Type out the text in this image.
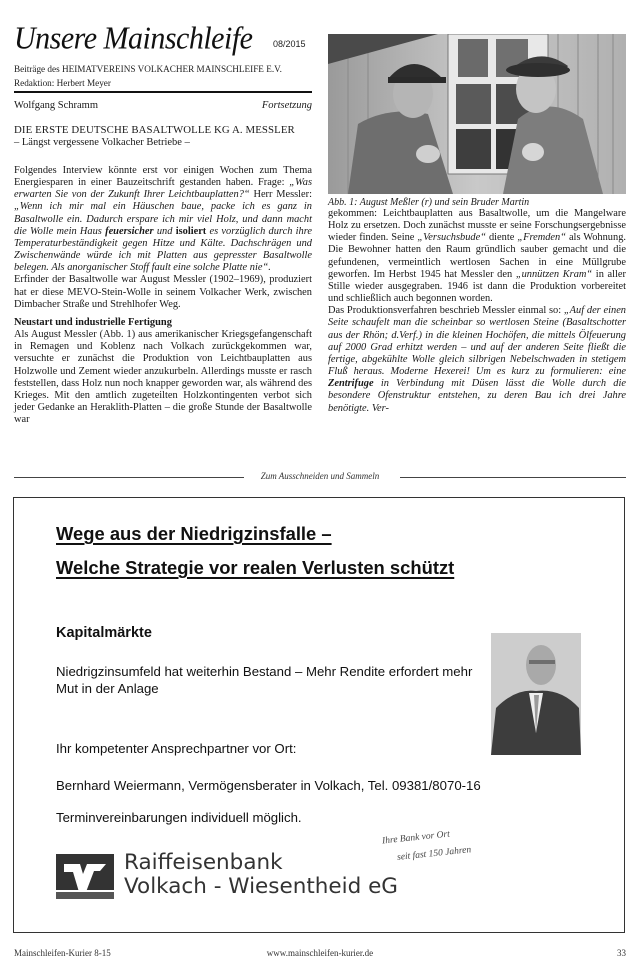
Unsere Mainschleife 08/2015
Beiträge des HEIMATVEREINS VOLKACHER MAINSCHLEIFE E.V.
Redaktion: Herbert Meyer
Wolfgang Schramm	Fortsetzung
DIE ERSTE DEUTSCHE BASALTWOLLE KG A. MESSLER
– Längst vergessene Volkacher Betriebe –

Folgendes Interview könnte erst vor einigen Wochen zum Thema Energiesparen in einer Bauzeitschrift gestanden haben. Frage: „Was erwarten Sie von der Zukunft Ihrer Leichtbauplatten?“ Herr Messler: „Wenn ich mir mal ein Häuschen baue, packe ich es ganz in Basaltwolle ein. Dadurch erspare ich mir viel Holz, und dann macht die Wolle mein Haus feuersicher und isoliert es vorzüglich durch ihre Temperaturbeständigkeit gegen Hitze und Kälte. Dachschrägen und Zwischenwände würde ich mit Platten aus gepresster Basaltwolle belegen. Als anorganischer Stoff fault eine solche Platte nie“.

Erfinder der Basaltwolle war August Messler (1902–1969), produziert hat er diese MEVO-Stein-Wolle in seinem Volkacher Werk, zwischen Dimbacher Straße und Strehlhofer Weg.

Neustart und industrielle Fertigung

Als August Messler (Abb. 1) aus amerikanischer Kriegsgefangenschaft in Remagen und Koblenz nach Volkach zurückgekommen war, versuchte er zunächst die Produktion von Leichtbauplatten aus Holzwolle und Zement wieder anzukurbeln. Allerdings musste er rasch feststellen, dass Holz nun noch knapper geworden war, als während des Krieges. Mit den amtlich zugeteilten Holzkontingenten verbot sich jeder Gedanke an Heraklith-Platten – die große Stunde der Basaltwolle war

Abb. 1: August Meßler (r) und sein Bruder Martin

gekommen: Leichtbauplatten aus Basaltwolle, um die Mangelware Holz zu ersetzen. Doch zunächst musste er seine Forschungsergebnisse wieder finden. Seine „Versuchsbude“ diente „Fremden“ als Wohnung. Die Bewohner hatten den Raum gründlich sauber gemacht und die gefundenen, vermeintlich wertlosen Sachen in eine Müllgrube geworfen. Im Herbst 1945 hat Messler den „unnützen Kram“ in aller Stille wieder ausgegraben. 1946 ist dann die Produktion vorbereitet und schließlich auch begonnen worden.

Das Produktionsverfahren beschrieb Messler einmal so: „Auf der einen Seite schaufelt man die scheinbar so wertlosen Steine (Basaltschotter aus der Rhön; d.Verf.) in die kleinen Hochöfen, die mittels Ölfeuerung auf 2000 Grad erhitzt werden – und auf der anderen Seite fließt die fertige, abgekühlte Wolle gleich silbrigen Nebelschwaden in stetigem Fluß heraus. Moderne Hexerei! Um es kurz zu formulieren: eine Zentrifuge in Verbindung mit Düsen lässt die Wolle durch die besondere Ofenstruktur entstehen, zu deren Bau ich drei Jahre benötigte. Ver-

Zum Ausschneiden und Sammeln
Wege aus der Niedrigzinsfalle –
Welche Strategie vor realen Verlusten schützt
Kapitalmärkte
Niedrigzinsumfeld hat weiterhin Bestand – Mehr Rendite erfordert mehr Mut in der Anlage
Ihr kompetenter Ansprechpartner vor Ort:
Bernhard Weiermann, Vermögensberater in Volkach, Tel. 09381/8070-16
Terminvereinbarungen individuell möglich.
Raiffeisenbank
Volkach - Wiesentheid eG
Ihre Bank vor Ort
seit fast 150 Jahren
Mainschleifen-Kurier 8-15	www.mainschleifen-kurier.de	33
